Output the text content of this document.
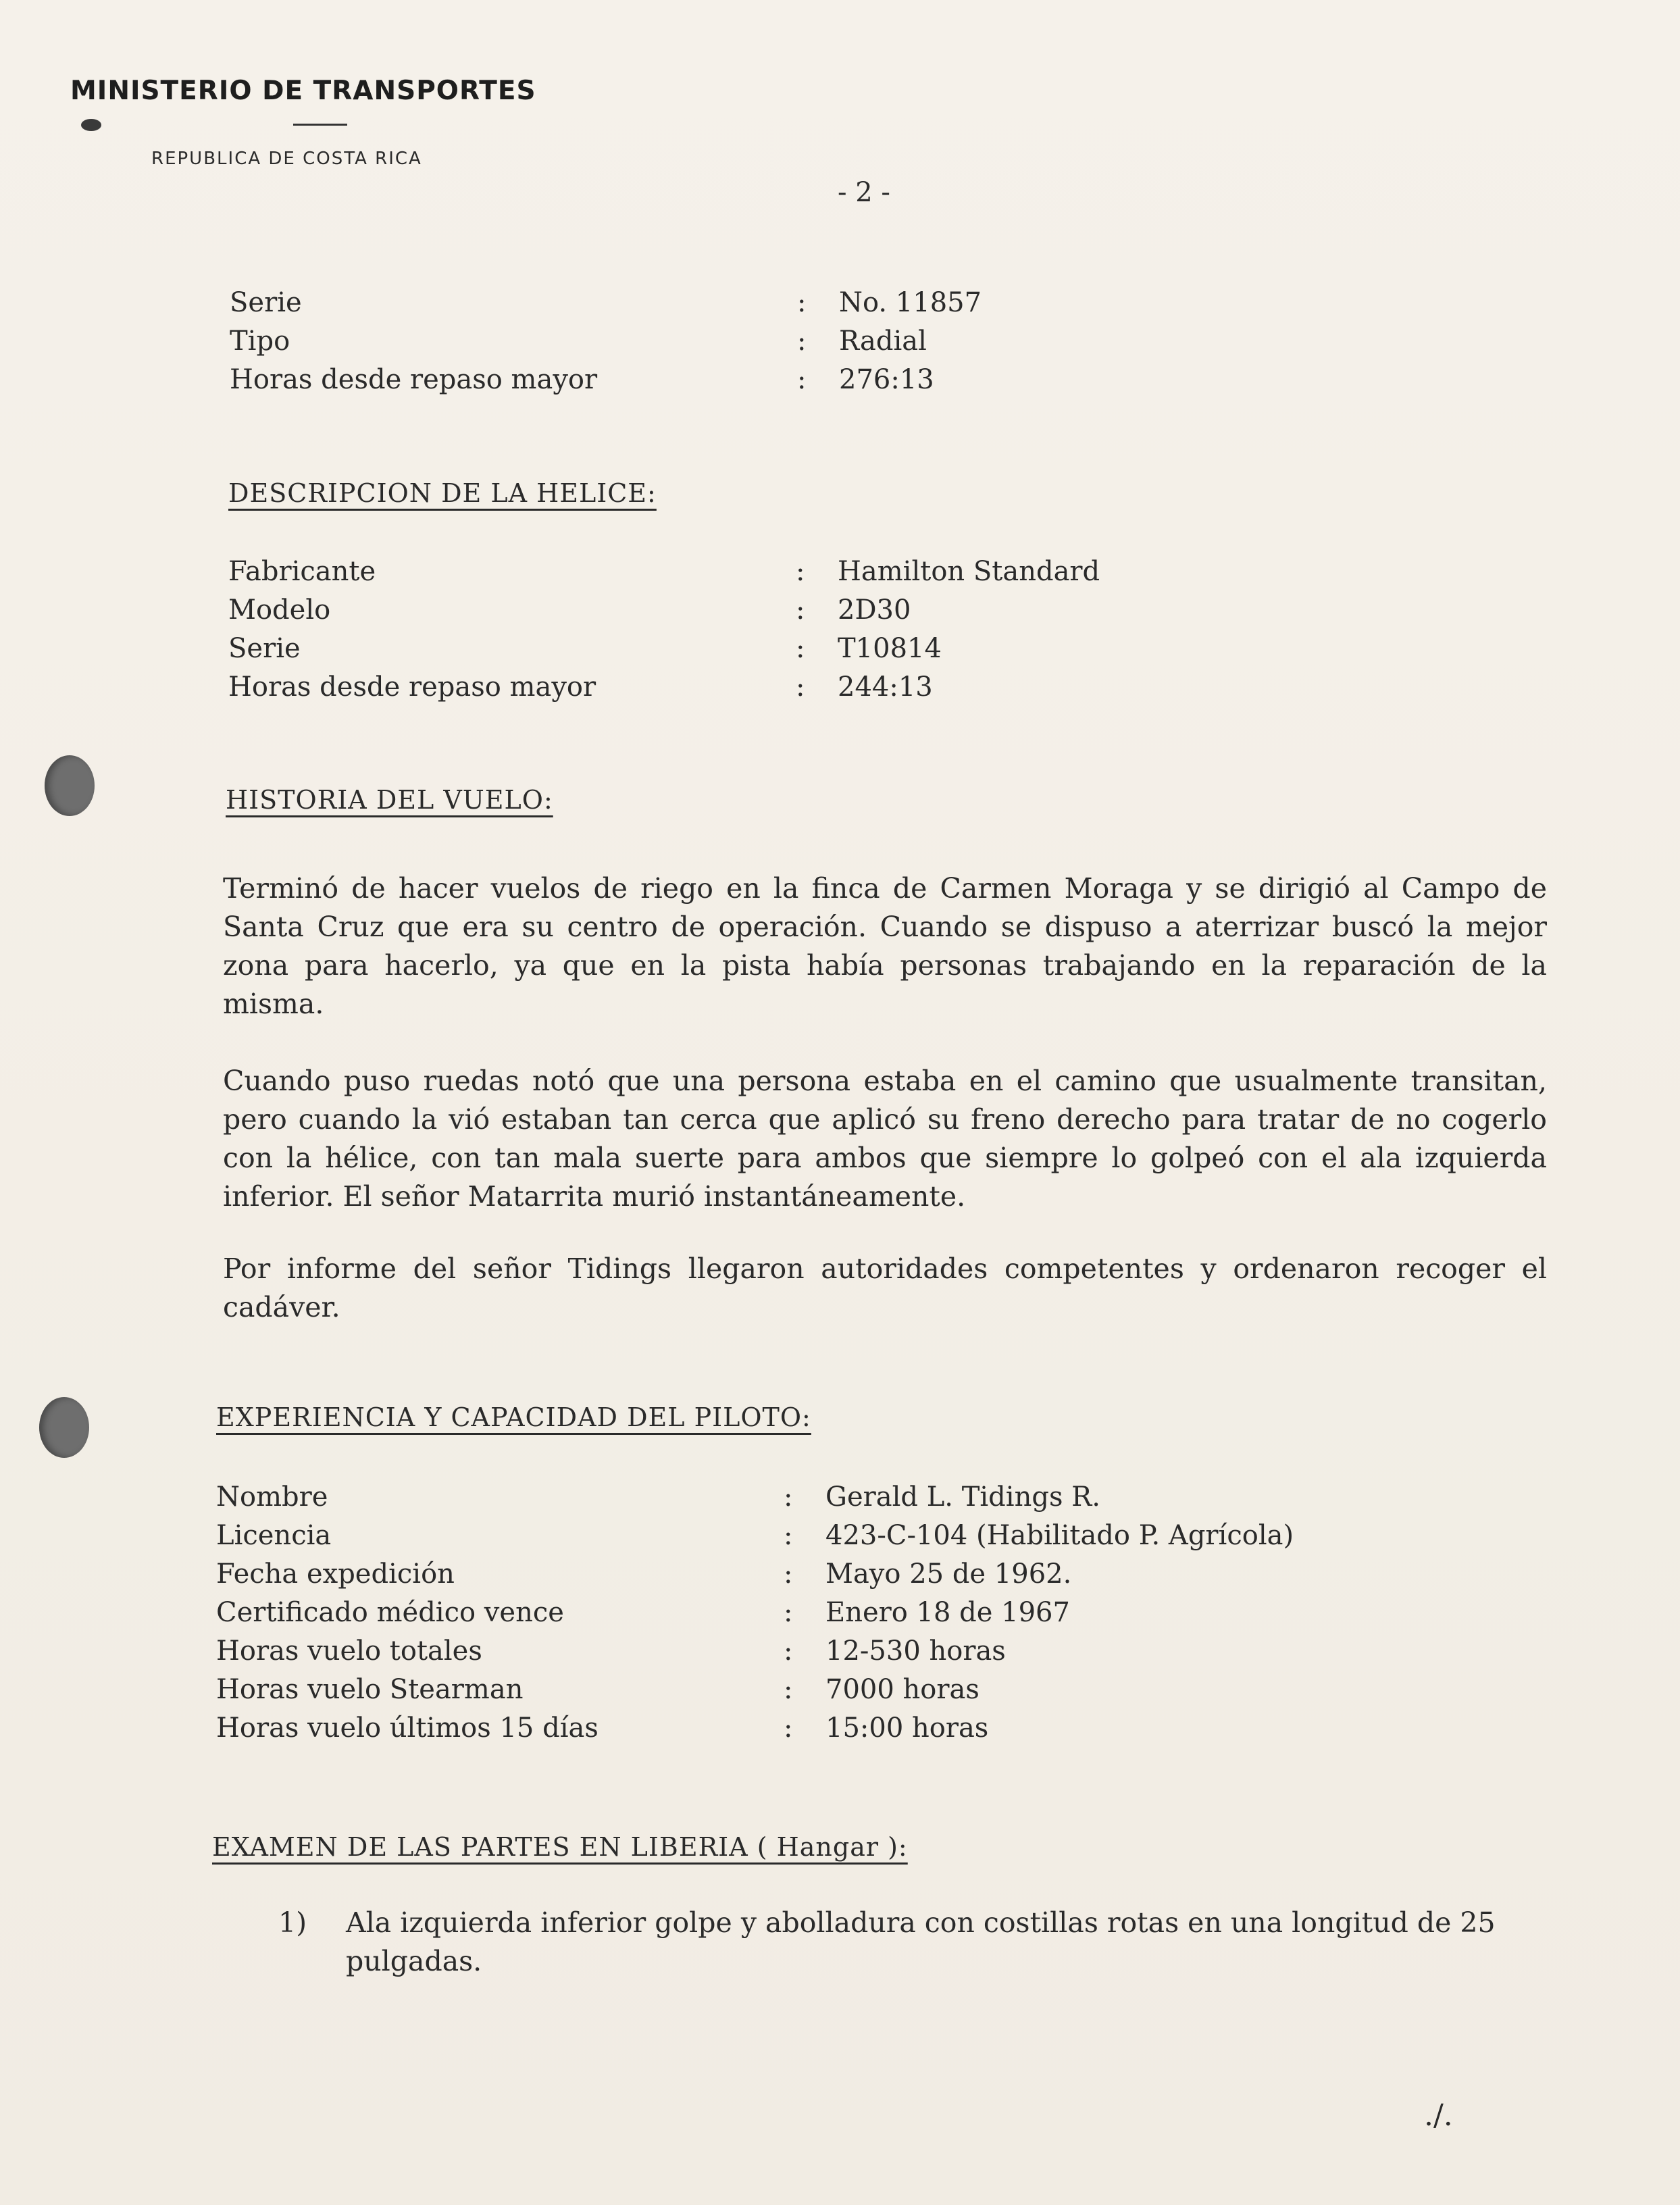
MINISTERIO DE TRANSPORTES
REPUBLICA DE COSTA RICA
- 2 -
Serie	:	No. 11857
Tipo	:	Radial
Horas desde repaso mayor	:	276:13
DESCRIPCION DE LA HELICE:
Fabricante	:	Hamilton Standard
Modelo	:	2D30
Serie	:	T10814
Horas desde repaso mayor	:	244:13
HISTORIA DEL VUELO:

Terminó de hacer vuelos de riego en la finca de Carmen Moraga y se dirigió al Campo de Santa Cruz que era su centro de operación. Cuando se dispuso a aterrizar buscó la mejor zona para hacerlo, ya que en la pista había personas trabajando en la reparación de la misma.

Cuando puso ruedas notó que una persona estaba en el camino que usualmente transitan, pero cuando la vió estaban tan cerca que aplicó su freno derecho para tratar de no cogerlo con la hélice, con tan mala suerte para ambos que siempre lo golpeó con el ala izquierda inferior. El señor Matarrita murió instantáneamente.

Por informe del señor Tidings llegaron autoridades competentes y ordenaron recoger el cadáver.

EXPERIENCIA Y CAPACIDAD DEL PILOTO:
Nombre	:	Gerald L. Tidings R.
Licencia	:	423-C-104 (Habilitado P. Agrícola)
Fecha expedición	:	Mayo 25 de 1962.
Certificado médico vence	:	Enero 18 de 1967
Horas vuelo totales	:	12-530 horas
Horas vuelo Stearman	:	7000 horas
Horas vuelo últimos 15 días	:	15:00 horas
EXAMEN DE LAS PARTES EN LIBERIA ( Hangar ):
1)	Ala izquierda inferior golpe y abolladura con costillas rotas en una longitud de 25 pulgadas.
./.
